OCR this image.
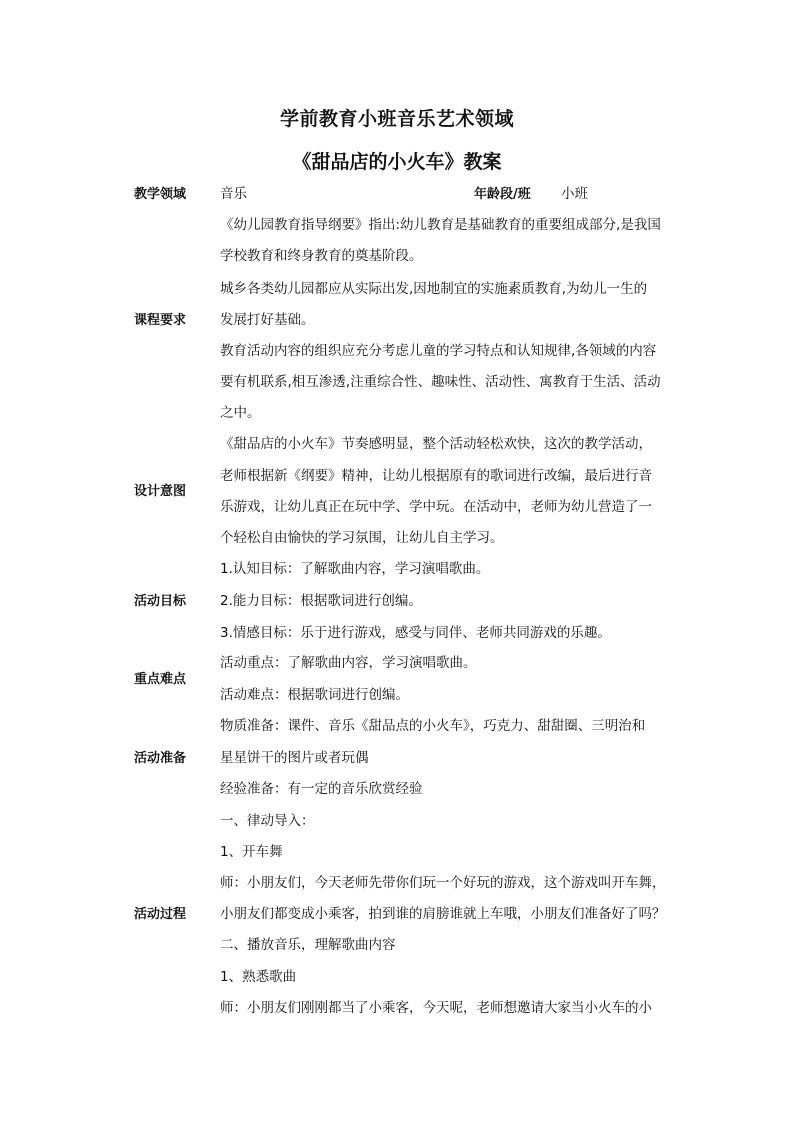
学前教育小班音乐艺术领域
《甜品店的小火车》教案
教学领域	音乐	年龄段/班 小班
课程要求
《幼儿园教育指导纲要》指出:幼儿教育是基础教育的重要组成部分,是我国
学校教育和终身教育的奠基阶段。
城乡各类幼儿园都应从实际出发,因地制宜的实施素质教育,为幼儿一生的
发展打好基础。
教育活动内容的组织应充分考虑儿童的学习特点和认知规律,各领域的内容
要有机联系,相互渗透,注重综合性、趣味性、活动性、寓教育于生活、活动
之中。
设计意图
《甜品店的小火车》节奏感明显，整个活动轻松欢快，这次的教学活动，
老师根据新《纲要》精神，让幼儿根据原有的歌词进行改编，最后进行音
乐游戏，让幼儿真正在玩中学、学中玩。在活动中，老师为幼儿营造了一
个轻松自由愉快的学习氛围，让幼儿自主学习。
活动目标
1.认知目标：了解歌曲内容，学习演唱歌曲。
2.能力目标：根据歌词进行创编。
3.情感目标：乐于进行游戏，感受与同伴、老师共同游戏的乐趣。
重点难点
活动重点：了解歌曲内容，学习演唱歌曲。
活动难点：根据歌词进行创编。
活动准备
物质准备：课件、音乐《甜品点的小火车》，巧克力、甜甜圈、三明治和
星星饼干的图片或者玩偶
经验准备：有一定的音乐欣赏经验
活动过程
一、律动导入：
1、开车舞
师：小朋友们，今天老师先带你们玩一个好玩的游戏，这个游戏叫开车舞，
小朋友们都变成小乘客，拍到谁的肩膀谁就上车哦，小朋友们准备好了吗？
二、播放音乐，理解歌曲内容
1、熟悉歌曲
师：小朋友们刚刚都当了小乘客，今天呢，老师想邀请大家当小火车的小
